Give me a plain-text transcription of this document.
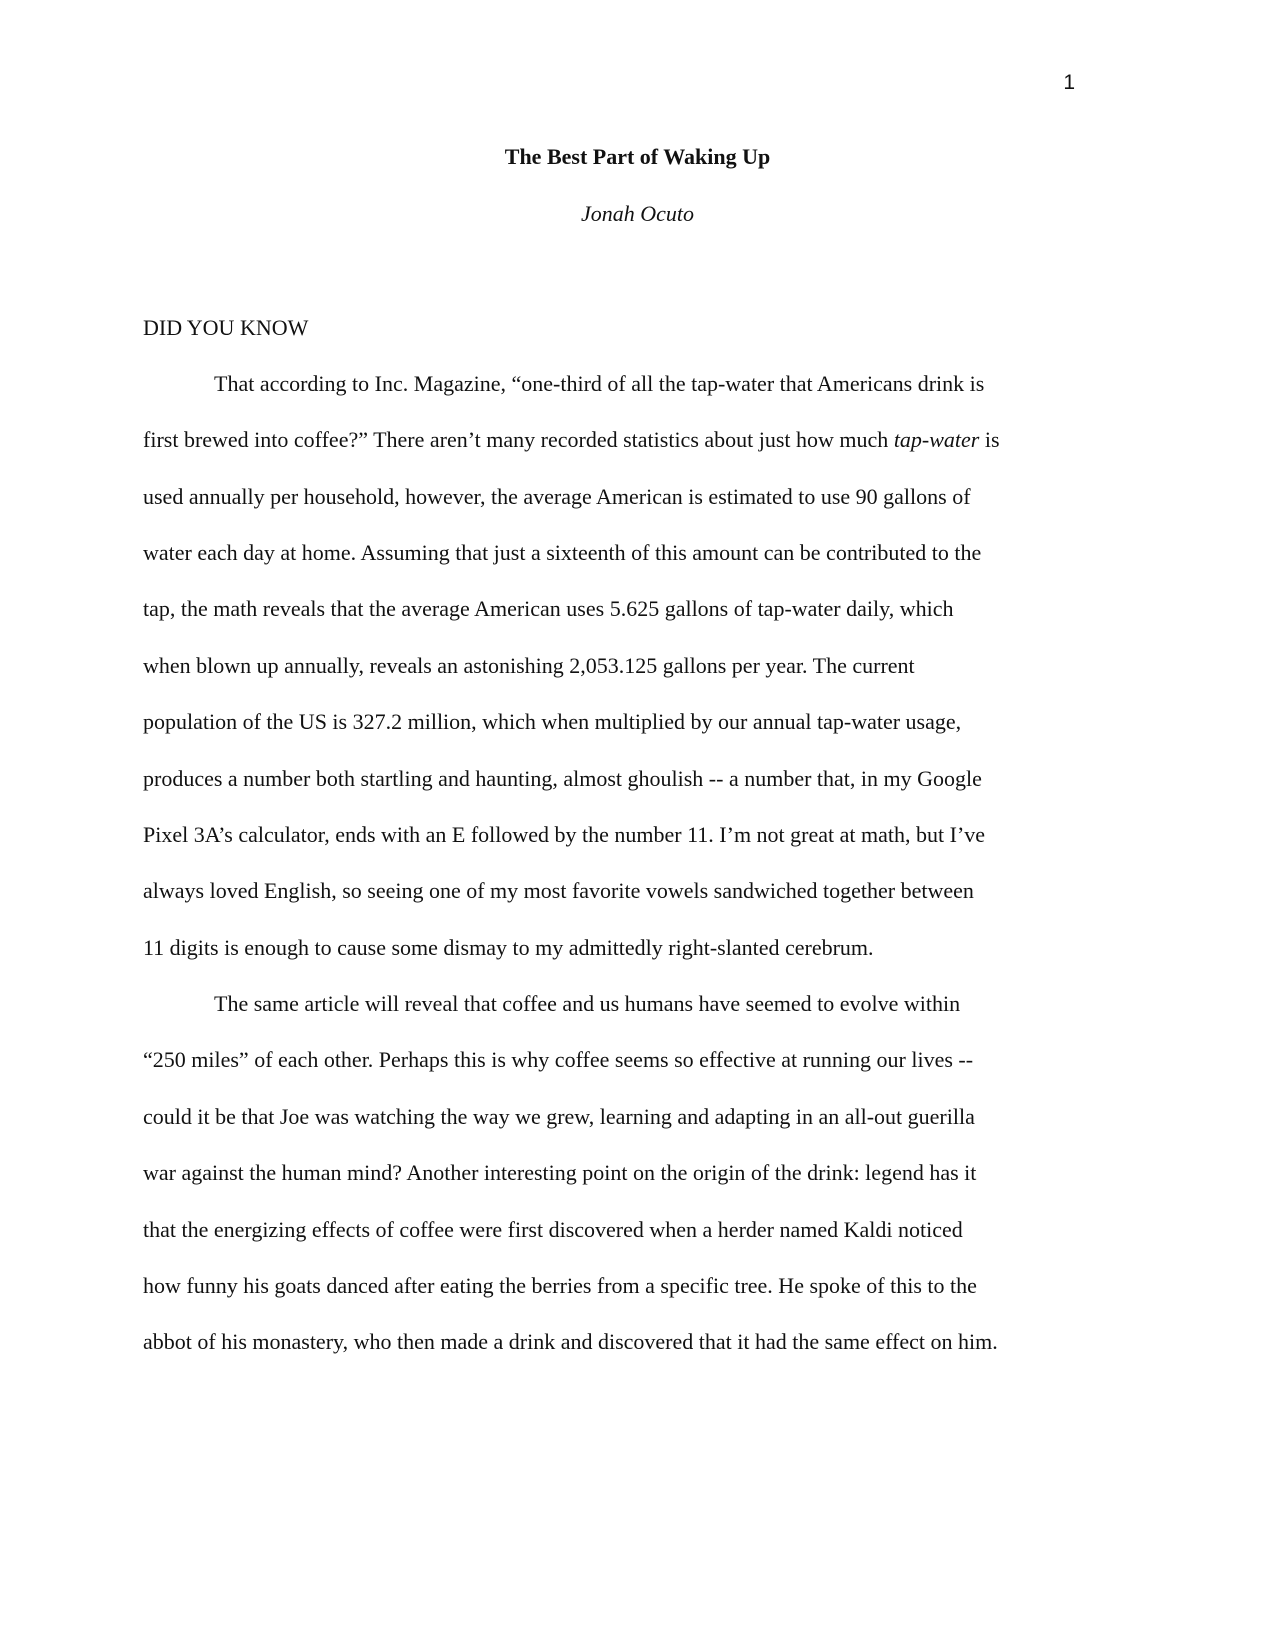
1
The Best Part of Waking Up
Jonah Ocuto
DID YOU KNOW
That according to Inc. Magazine, “one-third of all the tap-water that Americans drink is
first brewed into coffee?” There aren’t many recorded statistics about just how much tap-water is
used annually per household, however, the average American is estimated to use 90 gallons of
water each day at home. Assuming that just a sixteenth of this amount can be contributed to the
tap, the math reveals that the average American uses 5.625 gallons of tap-water daily, which
when blown up annually, reveals an astonishing 2,053.125 gallons per year. The current
population of the US is 327.2 million, which when multiplied by our annual tap-water usage,
produces a number both startling and haunting, almost ghoulish -- a number that, in my Google
Pixel 3A’s calculator, ends with an E followed by the number 11. I’m not great at math, but I’ve
always loved English, so seeing one of my most favorite vowels sandwiched together between
11 digits is enough to cause some dismay to my admittedly right-slanted cerebrum.
The same article will reveal that coffee and us humans have seemed to evolve within
“250 miles” of each other. Perhaps this is why coffee seems so effective at running our lives --
could it be that Joe was watching the way we grew, learning and adapting in an all-out guerilla
war against the human mind? Another interesting point on the origin of the drink: legend has it
that the energizing effects of coffee were first discovered when a herder named Kaldi noticed
how funny his goats danced after eating the berries from a specific tree. He spoke of this to the
abbot of his monastery, who then made a drink and discovered that it had the same effect on him.
